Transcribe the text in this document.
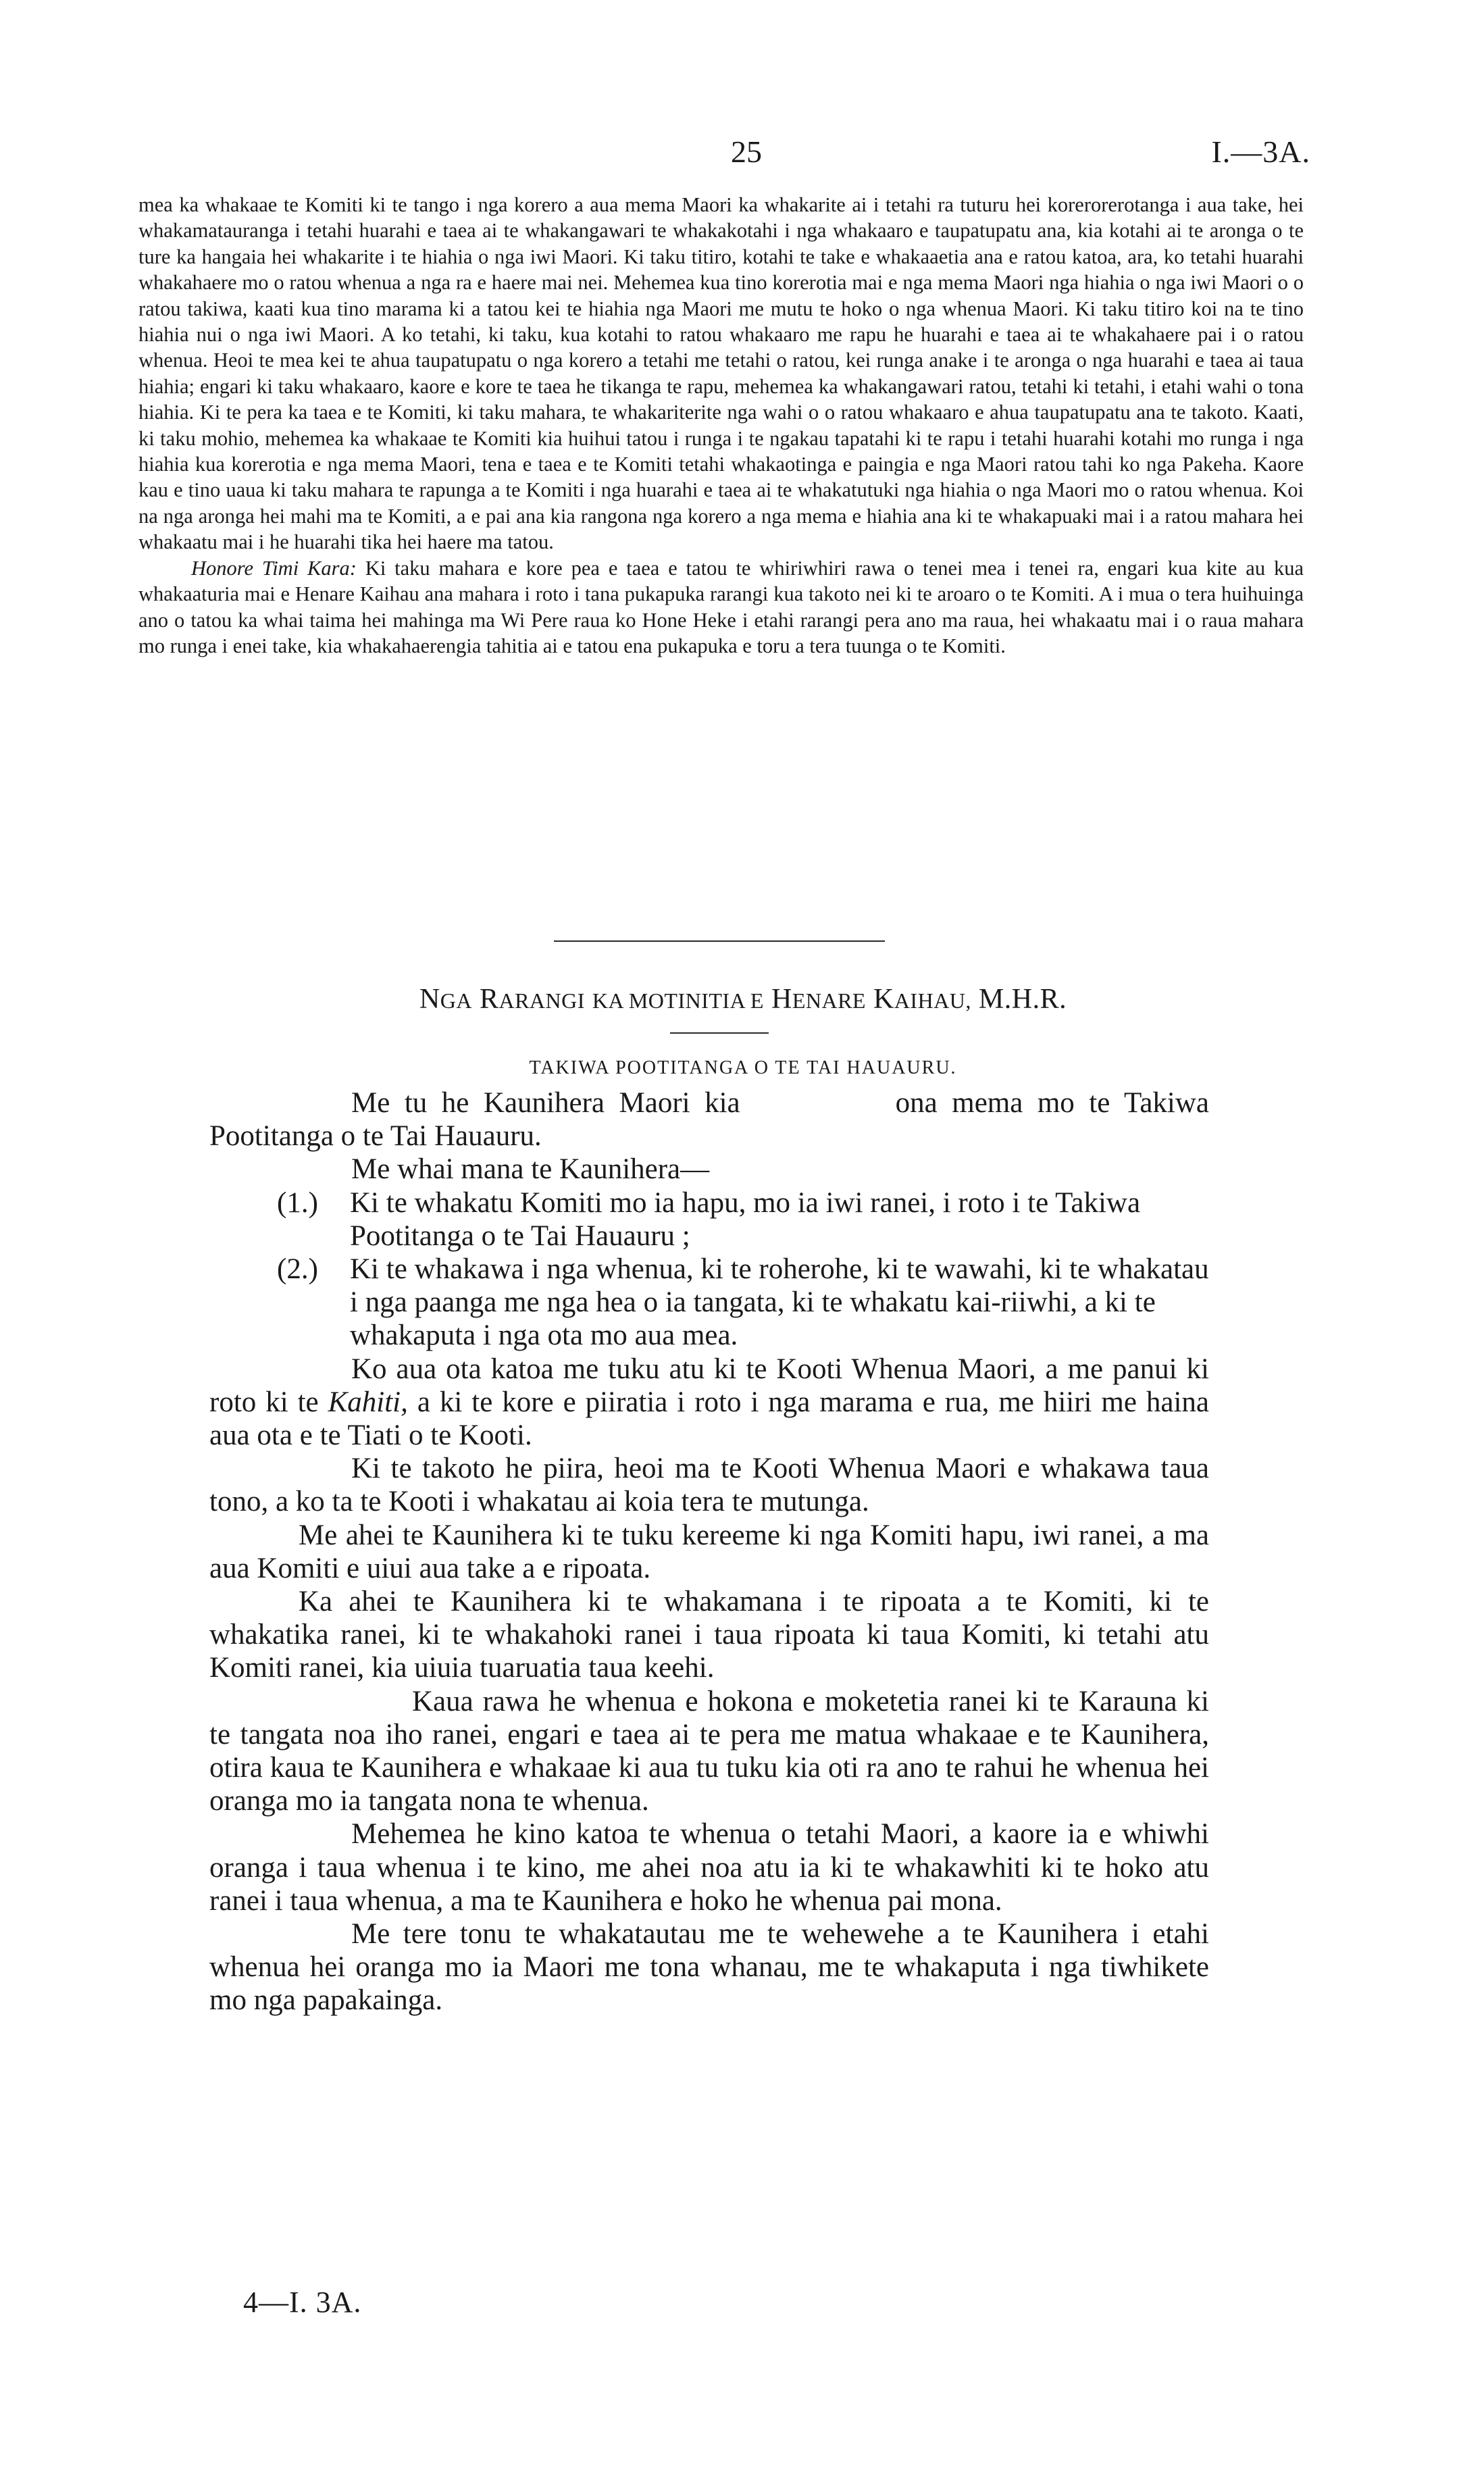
25	I.—3A.

mea ka whakaae te Komiti ki te tango i nga korero a aua mema Maori ka whakarite ai i tetahi ra tuturu hei korerorerotanga i aua take, hei whakamatauranga i tetahi huarahi e taea ai te whakangawari te whakakotahi i nga whakaaro e taupatupatu ana, kia kotahi ai te aronga o te ture ka hangaia hei whakarite i te hiahia o nga iwi Maori. Ki taku titiro, kotahi te take e whakaaetia ana e ratou katoa, ara, ko tetahi huarahi whakahaere mo o ratou whenua a nga ra e haere mai nei. Mehemea kua tino korerotia mai e nga mema Maori nga hiahia o nga iwi Maori o o ratou takiwa, kaati kua tino marama ki a tatou kei te hiahia nga Maori me mutu te hoko o nga whenua Maori. Ki taku titiro koi na te tino hiahia nui o nga iwi Maori. A ko tetahi, ki taku, kua kotahi to ratou whakaaro me rapu he huarahi e taea ai te whakahaere pai i o ratou whenua. Heoi te mea kei te ahua taupatupatu o nga korero a tetahi me tetahi o ratou, kei runga anake i te aronga o nga huarahi e taea ai taua hiahia; engari ki taku whakaaro, kaore e kore te taea he tikanga te rapu, mehemea ka whakangawari ratou, tetahi ki tetahi, i etahi wahi o tona hiahia. Ki te pera ka taea e te Komiti, ki taku mahara, te whakariterite nga wahi o o ratou whakaaro e ahua taupatupatu ana te takoto. Kaati, ki taku mohio, mehemea ka whakaae te Komiti kia huihui tatou i runga i te ngakau tapatahi ki te rapu i tetahi huarahi kotahi mo runga i nga hiahia kua korerotia e nga mema Maori, tena e taea e te Komiti tetahi whakaotinga e paingia e nga Maori ratou tahi ko nga Pakeha. Kaore kau e tino uaua ki taku mahara te rapunga a te Komiti i nga huarahi e taea ai te whakatutuki nga hiahia o nga Maori mo o ratou whenua. Koi na nga aronga hei mahi ma te Komiti, a e pai ana kia rangona nga korero a nga mema e hiahia ana ki te whakapuaki mai i a ratou mahara hei whakaatu mai i he huarahi tika hei haere ma tatou.

Honore Timi Kara: Ki taku mahara e kore pea e taea e tatou te whiriwhiri rawa o tenei mea i tenei ra, engari kua kite au kua whakaaturia mai e Henare Kaihau ana mahara i roto i tana pukapuka rarangi kua takoto nei ki te aroaro o te Komiti. A i mua o tera huihuinga ano o tatou ka whai taima hei mahinga ma Wi Pere raua ko Hone Heke i etahi rarangi pera ano ma raua, hei whakaatu mai i o raua mahara mo runga i enei take, kia whakahaerengia tahitia ai e tatou ena pukapuka e toru a tera tuunga o te Komiti.

NGA RARANGI KA MOTINITIA E HENARE KAIHAU, M.H.R.
TAKIWA POOTITANGA O TE TAI HAUAURU.

Me tu he Kaunihera Maori kia	ona mema mo te Takiwa Pootitanga o te Tai Hauauru.

Me whai mana te Kaunihera—

(1.)	Ki te whakatu Komiti mo ia hapu, mo ia iwi ranei, i roto i te Takiwa Pootitanga o te Tai Hauauru ;
(2.)	Ki te whakawa i nga whenua, ki te roherohe, ki te wawahi, ki te whakatau i nga paanga me nga hea o ia tangata, ki te whakatu kai-riiwhi, a ki te whakaputa i nga ota mo aua mea.

Ko aua ota katoa me tuku atu ki te Kooti Whenua Maori, a me panui ki roto ki te Kahiti, a ki te kore e piiratia i roto i nga marama e rua, me hiiri me haina aua ota e te Tiati o te Kooti.

Ki te takoto he piira, heoi ma te Kooti Whenua Maori e whakawa taua tono, a ko ta te Kooti i whakatau ai koia tera te mutunga.

Me ahei te Kaunihera ki te tuku kereeme ki nga Komiti hapu, iwi ranei, a ma aua Komiti e uiui aua take a e ripoata.

Ka ahei te Kaunihera ki te whakamana i te ripoata a te Komiti, ki te whakatika ranei, ki te whakahoki ranei i taua ripoata ki taua Komiti, ki tetahi atu Komiti ranei, kia uiuia tuaruatia taua keehi.

Kaua rawa he whenua e hokona e moketetia ranei ki te Karauna ki te tangata noa iho ranei, engari e taea ai te pera me matua whakaae e te Kaunihera, otira kaua te Kaunihera e whakaae ki aua tu tuku kia oti ra ano te rahui he whenua hei oranga mo ia tangata nona te whenua.

Mehemea he kino katoa te whenua o tetahi Maori, a kaore ia e whiwhi oranga i taua whenua i te kino, me ahei noa atu ia ki te whakawhiti ki te hoko atu ranei i taua whenua, a ma te Kaunihera e hoko he whenua pai mona.

Me tere tonu te whakatautau me te wehewehe a te Kaunihera i etahi whenua hei oranga mo ia Maori me tona whanau, me te whakaputa i nga tiwhikete mo nga papakainga.

4—I. 3A.
